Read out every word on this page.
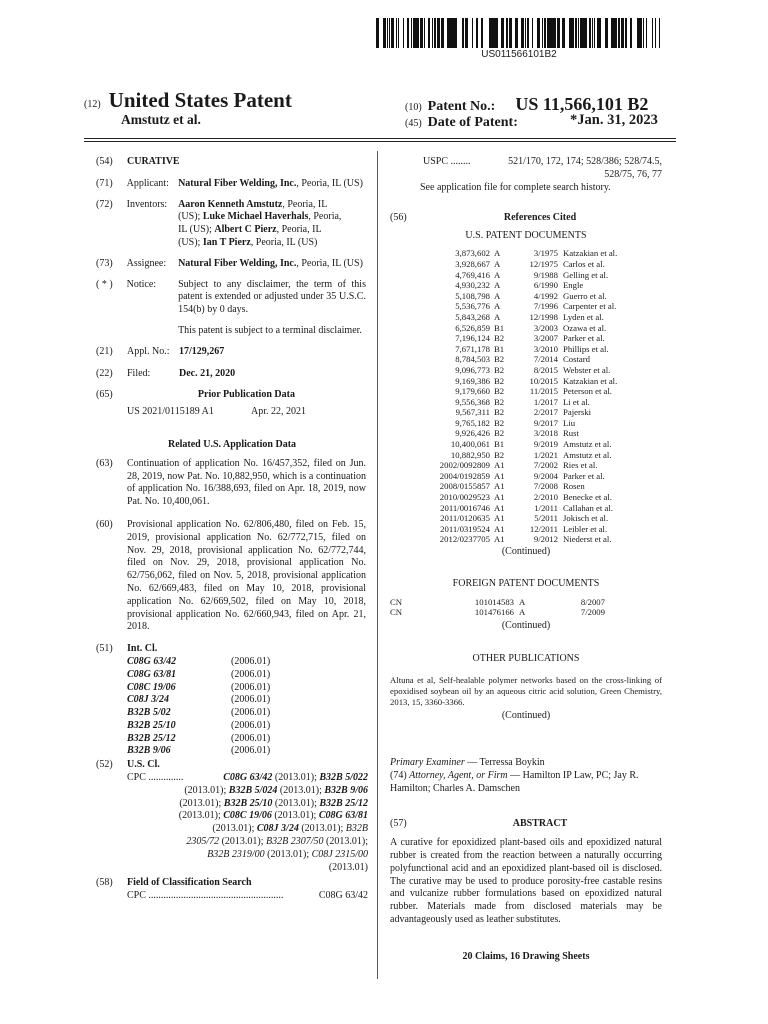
US011566101B2
(12) United States Patent
Amstutz et al.
(10) Patent No.: US 11,566,101 B2
(45) Date of Patent:	*Jan. 31, 2023
(54)	CURATIVE
(71)	Applicant: Natural Fiber Welding, Inc., Peoria, IL (US)
(72)	Inventors:	Aaron Kenneth Amstutz, Peoria, IL
(US); Luke Michael Haverhals, Peoria,
IL (US); Albert C Pierz, Peoria, IL
(US); Ian T Pierz, Peoria, IL (US)
(73)	Assignee:	Natural Fiber Welding, Inc., Peoria, IL (US)
( * )	Notice:	Subject to any disclaimer, the term of this patent is extended or adjusted under 35 U.S.C. 154(b) by 0 days.
This patent is subject to a terminal disclaimer.
(21)	Appl. No.: 17/129,267
(22)	Filed:	Dec. 21, 2020
(65)	Prior Publication Data
US 2021/0115189 A1	Apr. 22, 2021
Related U.S. Application Data
(63)	Continuation of application No. 16/457,352, filed on Jun. 28, 2019, now Pat. No. 10,882,950, which is a continuation of application No. 16/388,693, filed on Apr. 18, 2019, now Pat. No. 10,400,061.
(60)	Provisional application No. 62/806,480, filed on Feb. 15, 2019, provisional application No. 62/772,715, filed on Nov. 29, 2018, provisional application No. 62/772,744, filed on Nov. 29, 2018, provisional application No. 62/756,062, filed on Nov. 5, 2018, provisional application No. 62/669,483, filed on May 10, 2018, provisional application No. 62/669,502, filed on May 10, 2018, provisional application No. 62/660,943, filed on Apr. 21, 2018.
(51)	Int. Cl.
C08G 63/42	(2006.01)
C08G 63/81	(2006.01)
C08C 19/06	(2006.01)
C08J 3/24	(2006.01)
B32B 5/02	(2006.01)
B32B 25/10	(2006.01)
B32B 25/12	(2006.01)
B32B 9/06	(2006.01)
(52)	U.S. Cl.
CPC ..............	C08G 63/42 (2013.01); B32B 5/022
(2013.01); B32B 5/024 (2013.01); B32B 9/06
(2013.01); B32B 25/10 (2013.01); B32B 25/12
(2013.01); C08C 19/06 (2013.01); C08G 63/81
(2013.01); C08J 3/24 (2013.01); B32B
2305/72 (2013.01); B32B 2307/50 (2013.01);
B32B 2319/00 (2013.01); C08J 2315/00
(2013.01)
(58)	Field of Classification Search
CPC ......................................................	C08G 63/42
USPC ........	521/170, 172, 174; 528/386; 528/74.5,
528/75, 76, 77
See application file for complete search history.
(56)	References Cited
U.S. PATENT DOCUMENTS
3,873,602 A	3/1975 Katzakian et al.
3,928,667 A	12/1975 Carlos et al.
4,769,416 A	9/1988 Gelling et al.
4,930,232 A	6/1990 Engle
5,108,798 A	4/1992 Guerro et al.
5,536,776 A	7/1996 Carpenter et al.
5,843,268 A	12/1998 Lyden et al.
6,526,859 B1	3/2003 Ozawa et al.
7,196,124 B2	3/2007 Parker et al.
7,671,178 B1	3/2010 Phillips et al.
8,784,503 B2	7/2014 Costard
9,096,773 B2	8/2015 Webster et al.
9,169,386 B2	10/2015 Katzakian et al.
9,179,660 B2	11/2015 Peterson et al.
9,556,368 B2	1/2017 Li et al.
9,567,311 B2	2/2017 Pajerski
9,765,182 B2	9/2017 Liu
9,926,426 B2	3/2018 Rust
10,400,061 B1	9/2019 Amstutz et al.
10,882,950 B2	1/2021 Amstutz et al.
2002/0092809 A1	7/2002 Ries et al.
2004/0192859 A1	9/2004 Parker et al.
2008/0155857 A1	7/2008 Rosen
2010/0029523 A1	2/2010 Benecke et al.
2011/0016746 A1	1/2011 Callahan et al.
2011/0120635 A1	5/2011 Jokisch et al.
2011/0319524 A1	12/2011 Leibler et al.
2012/0237705 A1	9/2012 Niederst et al.
(Continued)
FOREIGN PATENT DOCUMENTS
CN	101014583 A	8/2007
CN	101476166 A	7/2009
(Continued)
OTHER PUBLICATIONS
Altuna et al, Self-healable polymer networks based on the cross-linking of epoxidised soybean oil by an aqueous citric acid solution, Green Chemistry, 2013, 15, 3360-3366.
(Continued)
Primary Examiner — Terressa Boykin
(74) Attorney, Agent, or Firm — Hamilton IP Law, PC; Jay R. Hamilton; Charles A. Damschen
(57)	ABSTRACT
A curative for epoxidized plant-based oils and epoxidized natural rubber is created from the reaction between a naturally occurring polyfunctional acid and an epoxidized plant-based oil is disclosed. The curative may be used to produce porosity-free castable resins and vulcanize rubber formulations based on epoxidized natural rubber. Materials made from disclosed materials may be advantageously used as leather substitutes.
20 Claims, 16 Drawing Sheets
